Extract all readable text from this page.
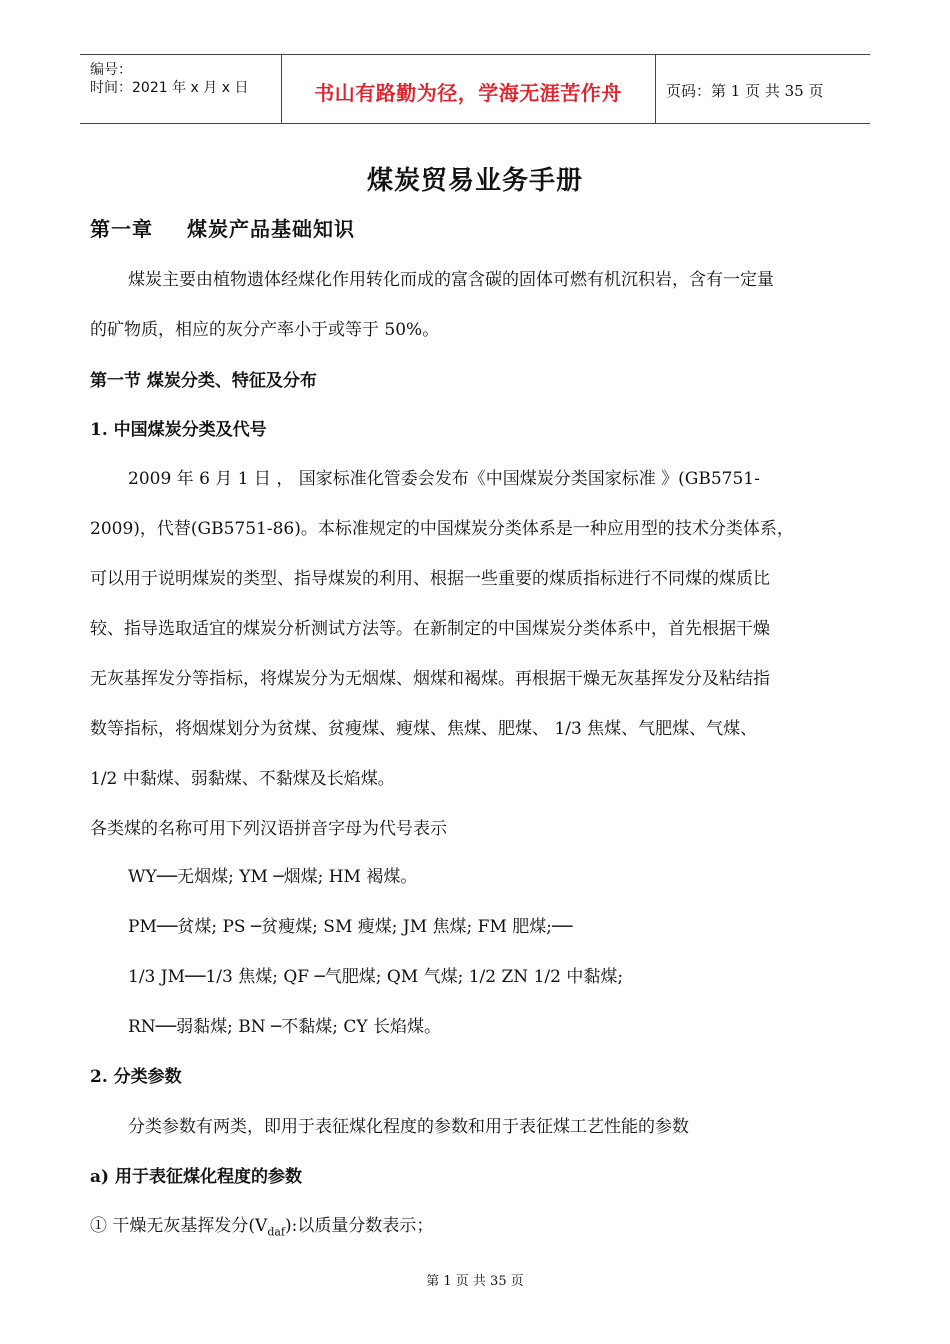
编号：
时间：2021 年 x 月 x 日	书山有路勤为径，学海无涯苦作舟	页码：第 1 页 共 35 页
煤炭贸易业务手册
第一章 煤炭产品基础知识
煤炭主要由植物遗体经煤化作用转化而成的富含碳的固体可燃有机沉积岩，含有一定量
的矿物质，相应的灰分产率小于或等于 50%。
第一节 煤炭分类、特征及分布
1. 中国煤炭分类及代号
2009 年 6 月 1 日 ， 国家标准化管委会发布《中国煤炭分类国家标准 》(GB5751-
2009)，代替(GB5751-86)。本标准规定的中国煤炭分类体系是一种应用型的技术分类体系，
可以用于说明煤炭的类型、指导煤炭的利用、根据一些重要的煤质指标进行不同煤的煤质比
较、指导选取适宜的煤炭分析测试方法等。在新制定的中国煤炭分类体系中，首先根据干燥
无灰基挥发分等指标，将煤炭分为无烟煤、烟煤和褐煤。再根据干燥无灰基挥发分及粘结指
数等指标，将烟煤划分为贫煤、贫瘦煤、瘦煤、焦煤、肥煤、 1/3 焦煤、气肥煤、气煤、
1/2 中黏煤、弱黏煤、不黏煤及长焰煤。
各类煤的名称可用下列汉语拼音字母为代号表示
WY──无烟煤; YM ─烟煤; HM 褐煤。
PM──贫煤; PS ─贫瘦煤; SM 瘦煤; JM 焦煤; FM 肥煤;──
1/3 JM──1/3 焦煤; QF ─气肥煤; QM 气煤; 1/2 ZN 1/2 中黏煤;
RN──弱黏煤; BN ─不黏煤; CY 长焰煤。
2. 分类参数
分类参数有两类，即用于表征煤化程度的参数和用于表征煤工艺性能的参数
a) 用于表征煤化程度的参数
① 干燥无灰基挥发分$(V_{daf})$:以质量分数表示；
第 1 页 共 35 页
